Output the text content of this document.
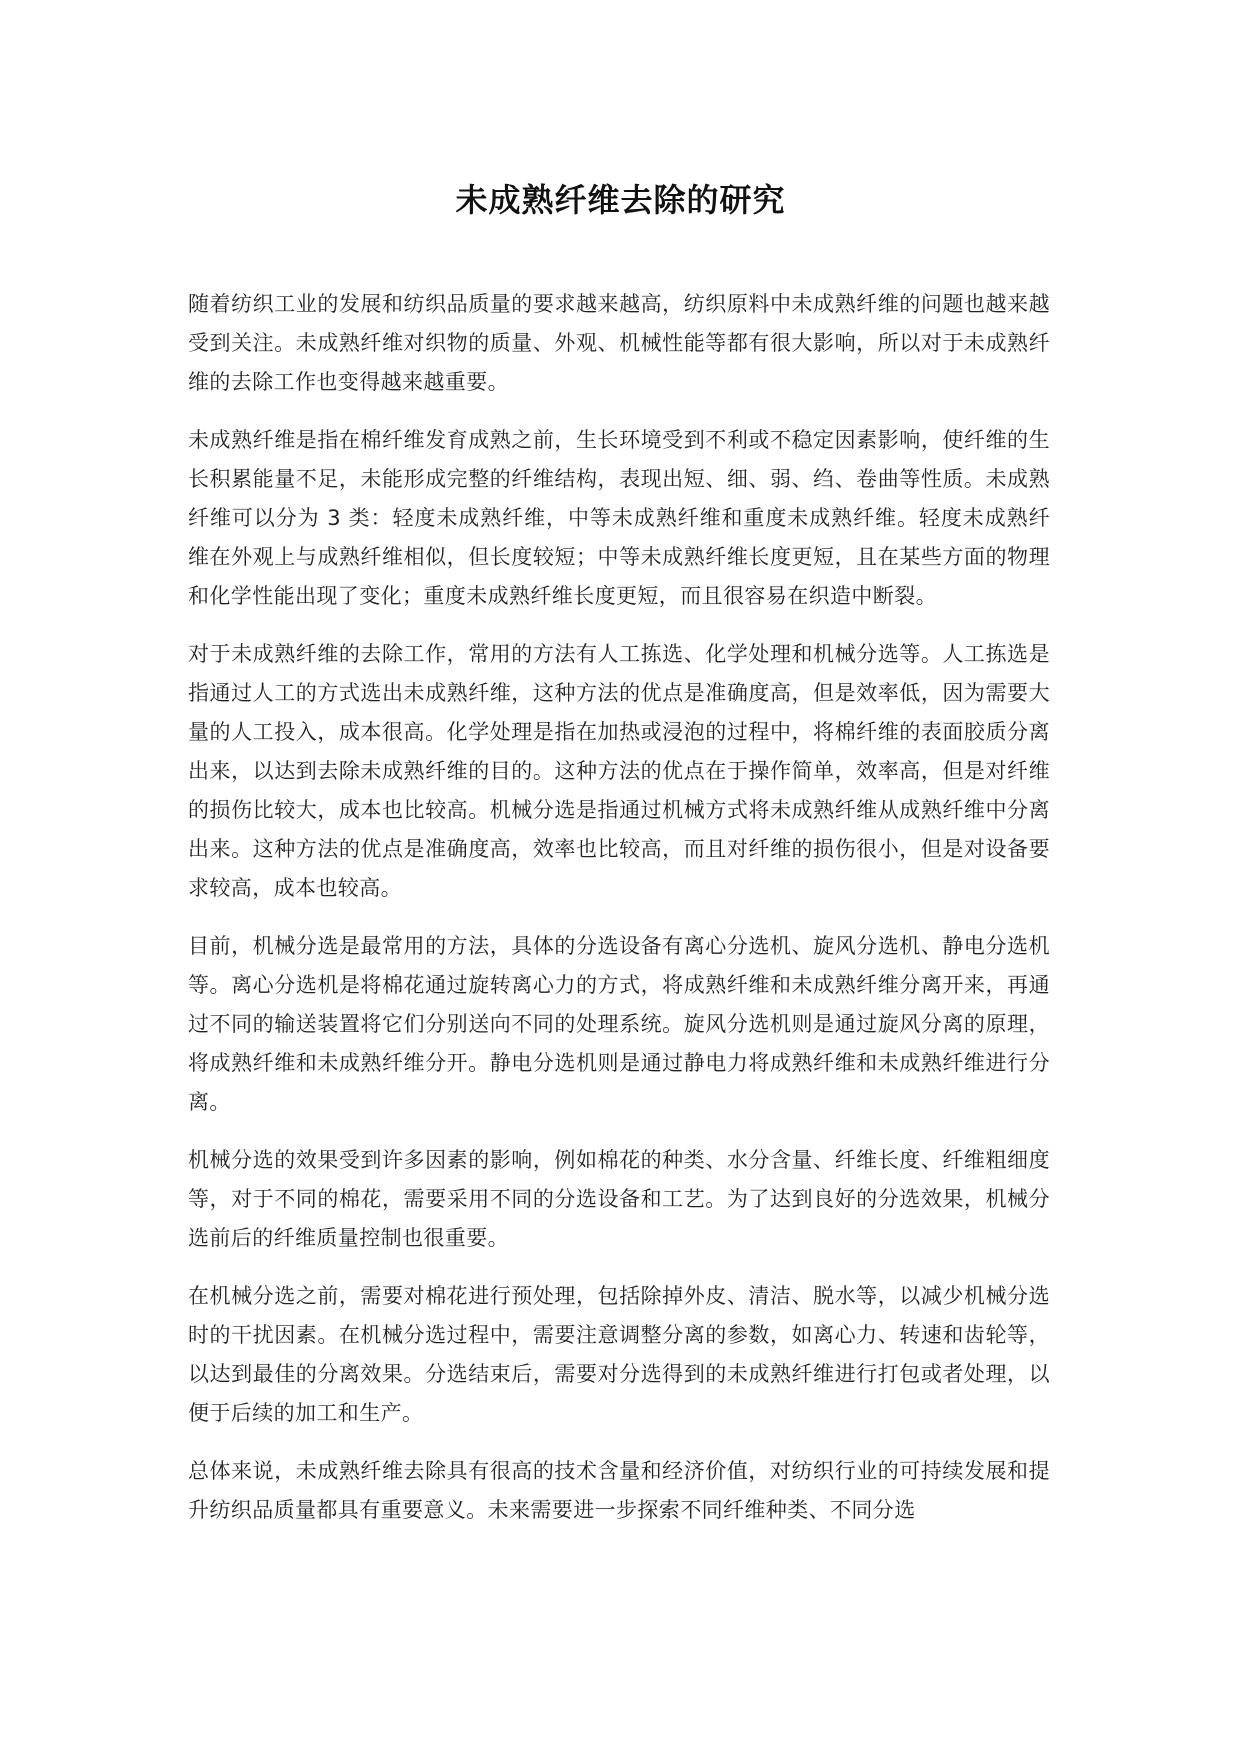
未成熟纤维去除的研究

随着纺织工业的发展和纺织品质量的要求越来越高，纺织原料中未成熟纤维的问题也越来越受到关注。未成熟纤维对织物的质量、外观、机械性能等都有很大影响，所以对于未成熟纤维的去除工作也变得越来越重要。

未成熟纤维是指在棉纤维发育成熟之前，生长环境受到不利或不稳定因素影响，使纤维的生长积累能量不足，未能形成完整的纤维结构，表现出短、细、弱、绉、卷曲等性质。未成熟纤维可以分为 3 类：轻度未成熟纤维，中等未成熟纤维和重度未成熟纤维。轻度未成熟纤维在外观上与成熟纤维相似，但长度较短；中等未成熟纤维长度更短，且在某些方面的物理和化学性能出现了变化；重度未成熟纤维长度更短，而且很容易在织造中断裂。

对于未成熟纤维的去除工作，常用的方法有人工拣选、化学处理和机械分选等。人工拣选是指通过人工的方式选出未成熟纤维，这种方法的优点是准确度高，但是效率低，因为需要大量的人工投入，成本很高。化学处理是指在加热或浸泡的过程中，将棉纤维的表面胶质分离出来，以达到去除未成熟纤维的目的。这种方法的优点在于操作简单，效率高，但是对纤维的损伤比较大，成本也比较高。机械分选是指通过机械方式将未成熟纤维从成熟纤维中分离出来。这种方法的优点是准确度高，效率也比较高，而且对纤维的损伤很小，但是对设备要求较高，成本也较高。

目前，机械分选是最常用的方法，具体的分选设备有离心分选机、旋风分选机、静电分选机等。离心分选机是将棉花通过旋转离心力的方式，将成熟纤维和未成熟纤维分离开来，再通过不同的输送装置将它们分别送向不同的处理系统。旋风分选机则是通过旋风分离的原理，将成熟纤维和未成熟纤维分开。静电分选机则是通过静电力将成熟纤维和未成熟纤维进行分离。

机械分选的效果受到许多因素的影响，例如棉花的种类、水分含量、纤维长度、纤维粗细度等，对于不同的棉花，需要采用不同的分选设备和工艺。为了达到良好的分选效果，机械分选前后的纤维质量控制也很重要。

在机械分选之前，需要对棉花进行预处理，包括除掉外皮、清洁、脱水等，以减少机械分选时的干扰因素。在机械分选过程中，需要注意调整分离的参数，如离心力、转速和齿轮等，以达到最佳的分离效果。分选结束后，需要对分选得到的未成熟纤维进行打包或者处理，以便于后续的加工和生产。

总体来说，未成熟纤维去除具有很高的技术含量和经济价值，对纺织行业的可持续发展和提升纺织品质量都具有重要意义。未来需要进一步探索不同纤维种类、不同分选
